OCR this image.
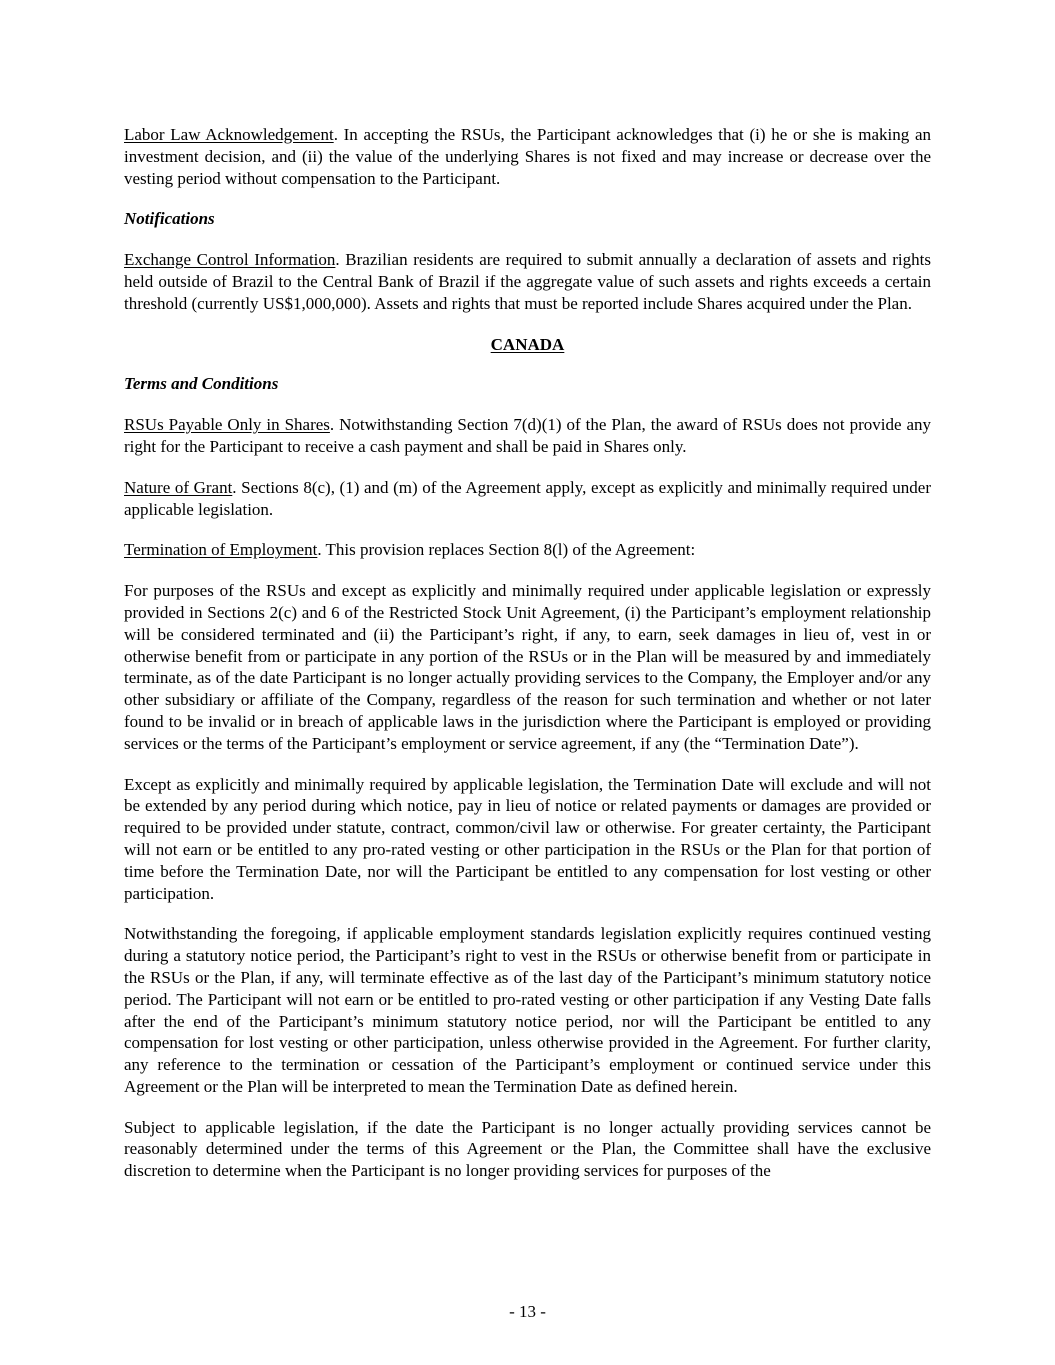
Labor Law Acknowledgement. In accepting the RSUs, the Participant acknowledges that (i) he or she is making an investment decision, and (ii) the value of the underlying Shares is not fixed and may increase or decrease over the vesting period without compensation to the Participant.

Notifications

Exchange Control Information. Brazilian residents are required to submit annually a declaration of assets and rights held outside of Brazil to the Central Bank of Brazil if the aggregate value of such assets and rights exceeds a certain threshold (currently US$1,000,000). Assets and rights that must be reported include Shares acquired under the Plan.

CANADA
Terms and Conditions

RSUs Payable Only in Shares. Notwithstanding Section 7(d)(1) of the Plan, the award of RSUs does not provide any right for the Participant to receive a cash payment and shall be paid in Shares only.

Nature of Grant. Sections 8(c), (1) and (m) of the Agreement apply, except as explicitly and minimally required under applicable legislation.

Termination of Employment. This provision replaces Section 8(l) of the Agreement:

For purposes of the RSUs and except as explicitly and minimally required under applicable legislation or expressly provided in Sections 2(c) and 6 of the Restricted Stock Unit Agreement, (i) the Participant’s employment relationship will be considered terminated and (ii) the Participant’s right, if any, to earn, seek damages in lieu of, vest in or otherwise benefit from or participate in any portion of the RSUs or in the Plan will be measured by and immediately terminate, as of the date Participant is no longer actually providing services to the Company, the Employer and/or any other subsidiary or affiliate of the Company, regardless of the reason for such termination and whether or not later found to be invalid or in breach of applicable laws in the jurisdiction where the Participant is employed or providing services or the terms of the Participant’s employment or service agreement, if any (the “Termination Date”).

Except as explicitly and minimally required by applicable legislation, the Termination Date will exclude and will not be extended by any period during which notice, pay in lieu of notice or related payments or damages are provided or required to be provided under statute, contract, common/civil law or otherwise. For greater certainty, the Participant will not earn or be entitled to any pro-rated vesting or other participation in the RSUs or the Plan for that portion of time before the Termination Date, nor will the Participant be entitled to any compensation for lost vesting or other participation.

Notwithstanding the foregoing, if applicable employment standards legislation explicitly requires continued vesting during a statutory notice period, the Participant’s right to vest in the RSUs or otherwise benefit from or participate in the RSUs or the Plan, if any, will terminate effective as of the last day of the Participant’s minimum statutory notice period. The Participant will not earn or be entitled to pro-rated vesting or other participation if any Vesting Date falls after the end of the Participant’s minimum statutory notice period, nor will the Participant be entitled to any compensation for lost vesting or other participation, unless otherwise provided in the Agreement. For further clarity, any reference to the termination or cessation of the Participant’s employment or continued service under this Agreement or the Plan will be interpreted to mean the Termination Date as defined herein.

Subject to applicable legislation, if the date the Participant is no longer actually providing services cannot be reasonably determined under the terms of this Agreement or the Plan, the Committee shall have the exclusive discretion to determine when the Participant is no longer providing services for purposes of the

- 13 -
